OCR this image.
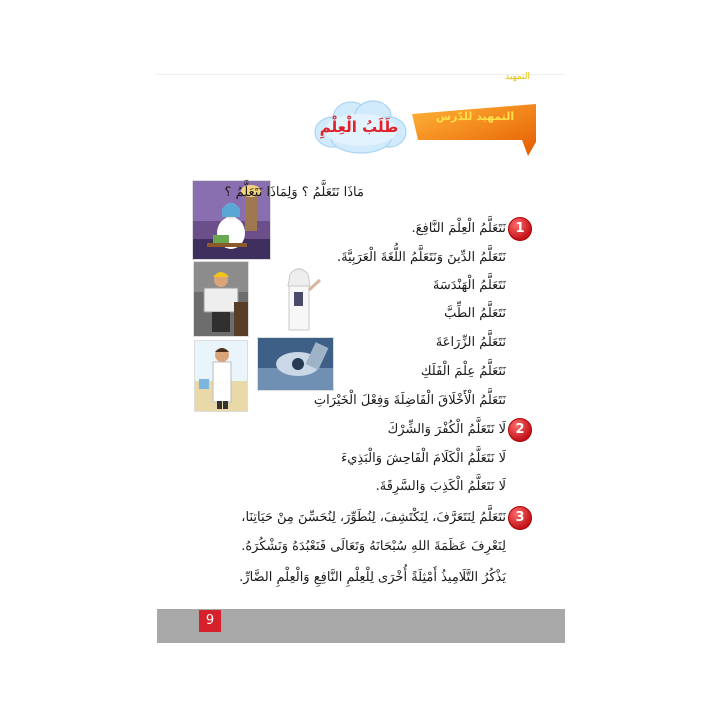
التمهيد
التمهيد للدّرس
طَلَبُ الْعِلْمِ
مَاذَا نَتَعَلَّمُ ؟ وَلِمَاذَا نَتَعَلَّمُ ؟
1
نَتَعَلَّمُ الْعِلْمَ النَّافِعَ.
نَتَعَلَّمُ الدِّينَ وَنَتَعَلَّمُ اللُّغَةَ الْعَرَبِيَّةَ.
نَتَعَلَّمُ الْهَنْدَسَةَ
نَتَعَلَّمُ الطِّبَّ
نَتَعَلَّمُ الزِّرَاعَةَ
نَتَعَلَّمُ عِلْمَ الْفَلَكِ
نَتَعَلَّمُ الْأَخْلَاقَ الْفَاضِلَةَ وَفِعْلَ الْخَيْرَاتِ
2
لَا نَتَعَلَّمُ الْكُفْرَ وَالشِّرْكَ
لَا نَتَعَلَّمُ الْكَلَامَ الْفَاحِشَ وَالْبَذِيءَ
لَا نَتَعَلَّمُ الْكَذِبَ وَالسَّرِقَةَ.
3
نَتَعَلَّمُ لِنَتَعَرَّفَ، لِنَكْتَشِفَ، لِنُطَوِّرَ، لِنُحَسِّنَ مِنْ حَيَاتِنَا،
لِنَعْرِفَ عَظَمَةَ اللهِ سُبْحَانَهُ وَتَعَالَى فَنَعْبُدَهُ وَنَشْكُرَهُ.
يَذْكُرُ التَّلَامِيذُ أَمْثِلَةً أُخْرَى لِلْعِلْمِ النَّافِعِ وَالْعِلْمِ الضَّارِّ.
9
